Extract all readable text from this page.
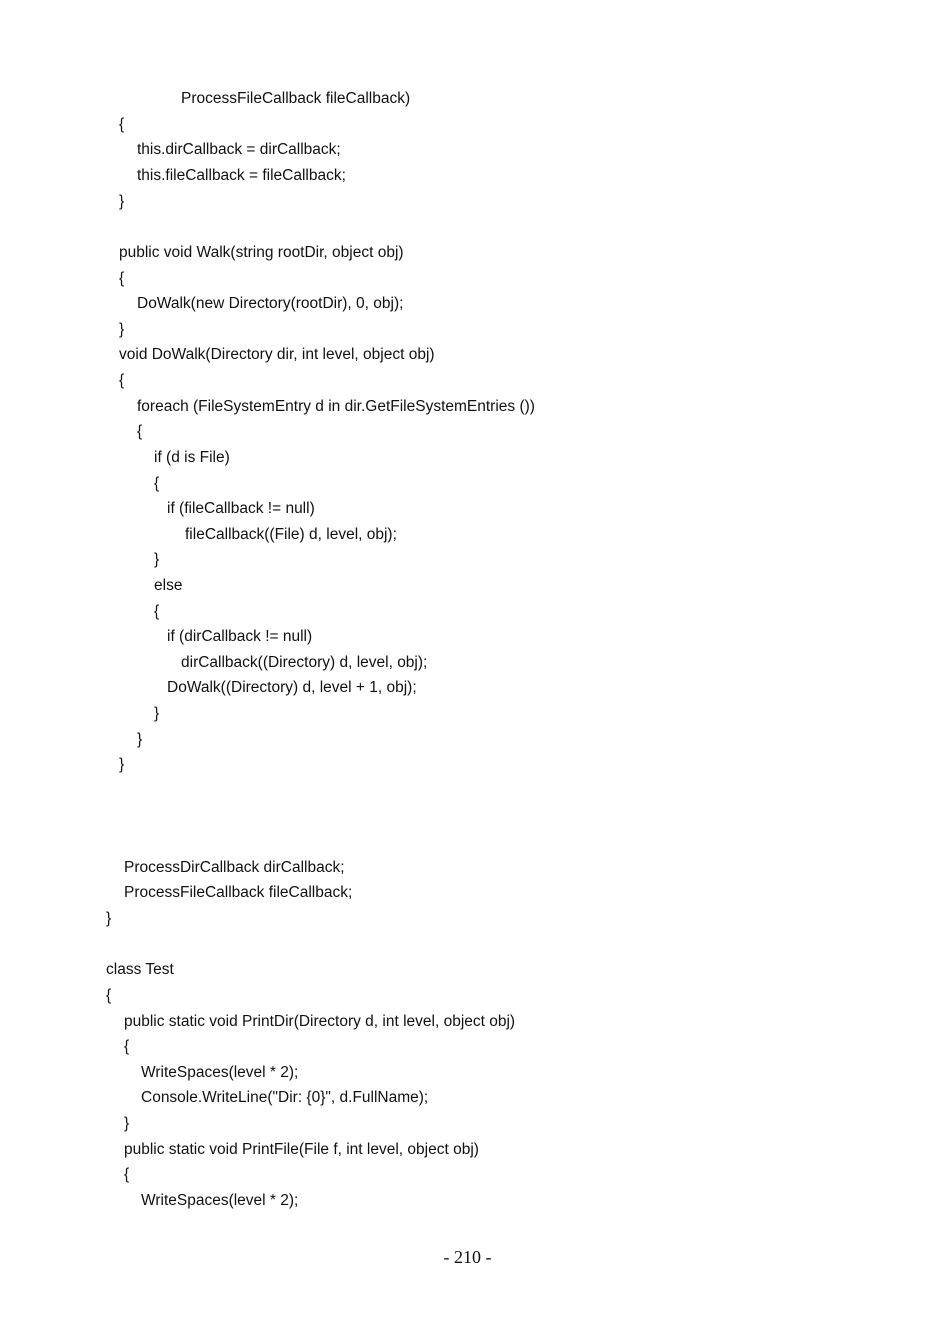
ProcessFileCallback fileCallback)
{
this.dirCallback = dirCallback;
this.fileCallback = fileCallback;
}
public void Walk(string rootDir, object obj)
{
DoWalk(new Directory(rootDir), 0, obj);
}
void DoWalk(Directory dir, int level, object obj)
{
foreach (FileSystemEntry d in dir.GetFileSystemEntries ())
{
if (d is File)
{
if (fileCallback != null)
fileCallback((File) d, level, obj);
}
else
{
if (dirCallback != null)
dirCallback((Directory) d, level, obj);
DoWalk((Directory) d, level + 1, obj);
}
}
}
ProcessDirCallback dirCallback;
ProcessFileCallback fileCallback;
}
class Test
{
public static void PrintDir(Directory d, int level, object obj)
{
WriteSpaces(level * 2);
Console.WriteLine("Dir: {0}", d.FullName);
}
public static void PrintFile(File f, int level, object obj)
{
WriteSpaces(level * 2);
- 210 -
